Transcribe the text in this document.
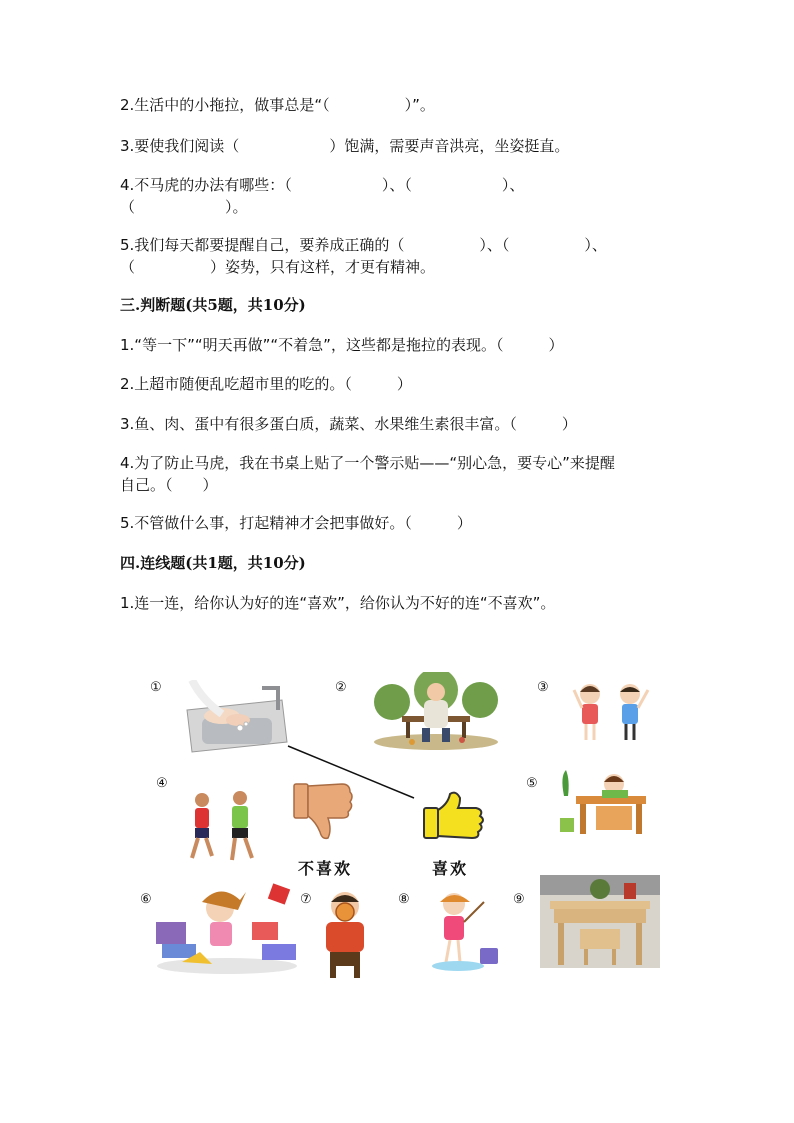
2.生活中的小拖拉，做事总是“（　　　　　）”。
3.要使我们阅读（　　　　　　）饱满，需要声音洪亮，坐姿挺直。
4.不马虎的办法有哪些：（　　　　　　）、（　　　　　　）、
（　　　　　　）。
5.我们每天都要提醒自己，要养成正确的（　　　　　）、（　　　　　）、
（　　　　　）姿势，只有这样，才更有精神。
三.判断题(共5题，共10分)
1.“等一下”“明天再做”“不着急”，这些都是拖拉的表现。（　　　）
2.上超市随便乱吃超市里的吃的。（　　　）
3.鱼、肉、蛋中有很多蛋白质，蔬菜、水果维生素很丰富。（　　　）
4.为了防止马虎，我在书桌上贴了一个警示贴——“别心急，要专心”来提醒
自己。（　　）
5.不管做什么事，打起精神才会把事做好。（　　　）
四.连线题(共1题，共10分)
1.连一连，给你认为好的连“喜欢”，给你认为不好的连“不喜欢”。
①	②	③
④	⑤
⑥	⑦	⑧	⑨
不喜欢	喜欢
